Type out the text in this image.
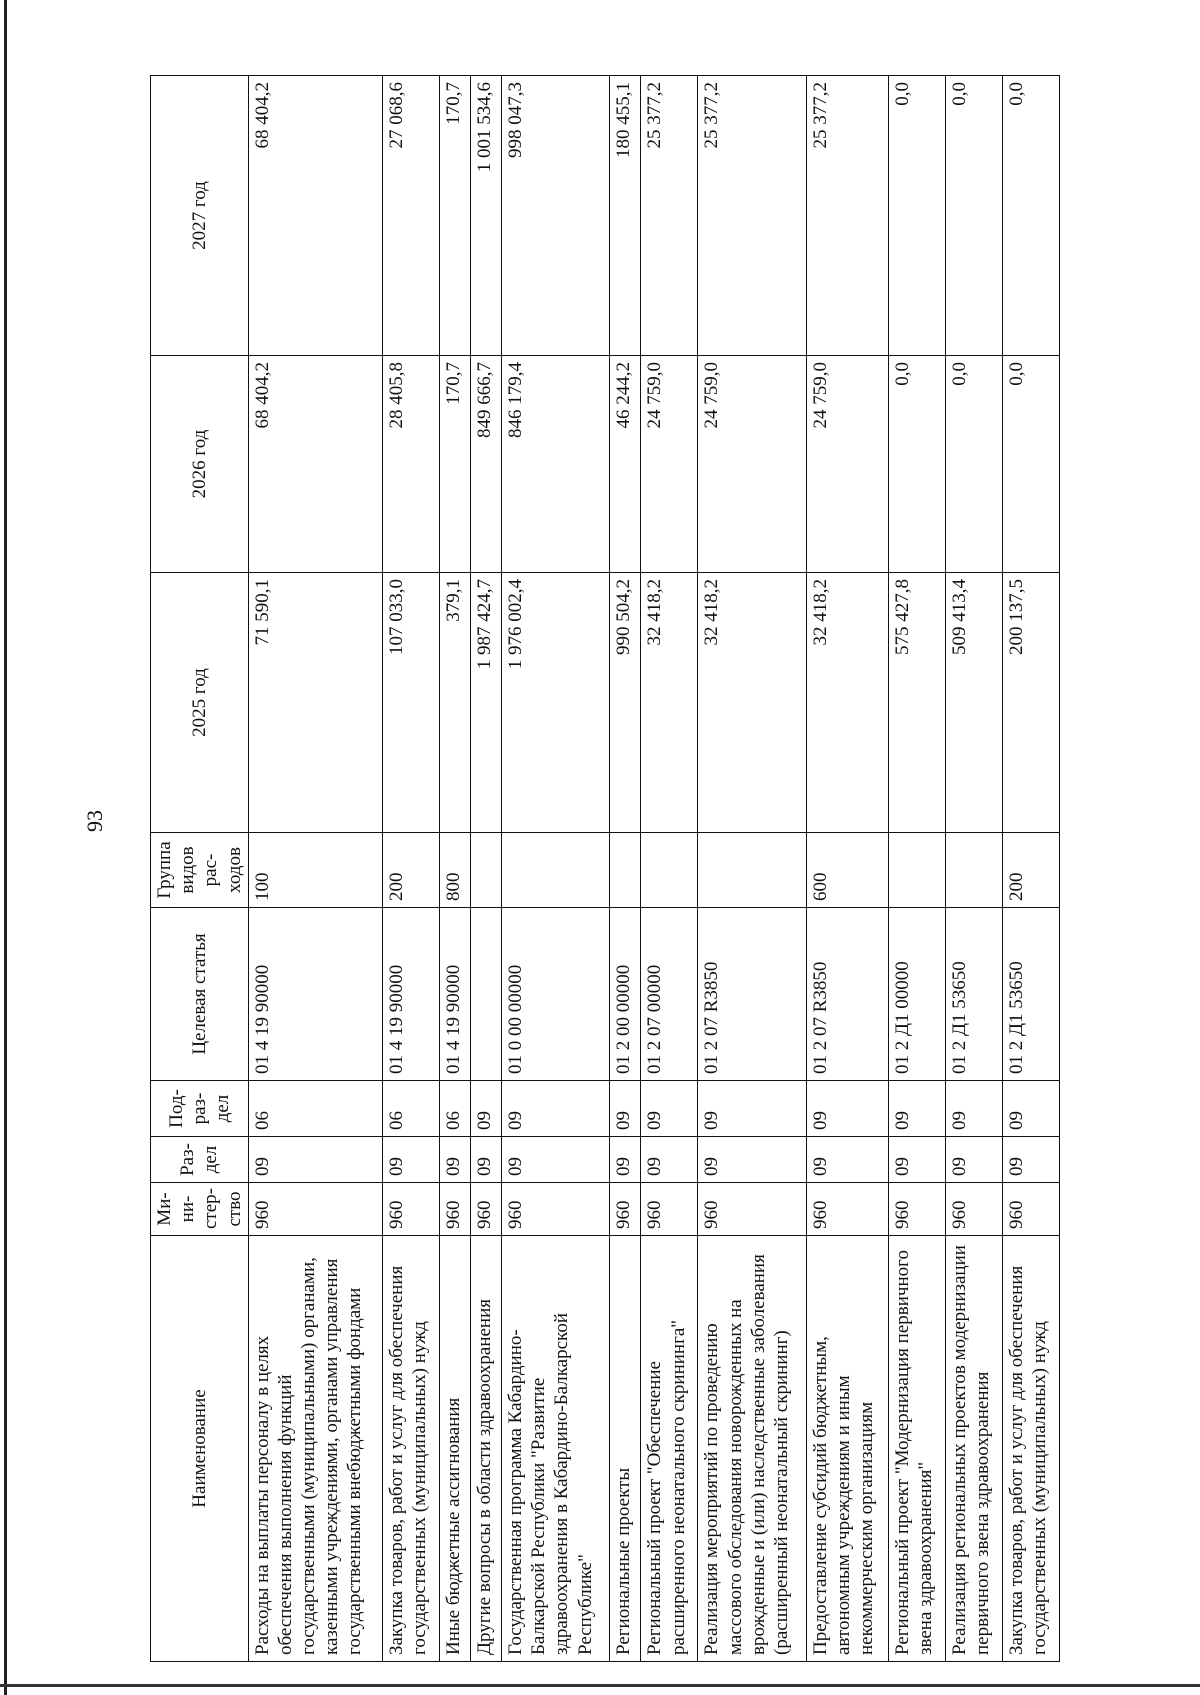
93
Наименование	Ми-
ни-
стер-
ство	Раз-
дел	Под-
раз-
дел	Целевая статья	Группа
видов
рас-
ходов	2025 год	2026 год	2027 год
Расходы на выплаты персоналу в целях обеспечения выполнения функций государственными (муниципальными) органами, казенными учреждениями, органами управления государственными внебюджетными фондами	960	09	06	01 4 19 90000	100	71 590,1	68 404,2	68 404,2
Закупка товаров, работ и услуг для обеспечения государственных (муниципальных) нужд	960	09	06	01 4 19 90000	200	107 033,0	28 405,8	27 068,6
Иные бюджетные ассигнования	960	09	06	01 4 19 90000	800	379,1	170,7	170,7
Другие вопросы в области здравоохранения	960	09	09			1 987 424,7	849 666,7	1 001 534,6
Государственная программа Кабардино-Балкарской Республики "Развитие здравоохранения в Кабардино-Балкарской Республике"	960	09	09	01 0 00 00000		1 976 002,4	846 179,4	998 047,3
Региональные проекты	960	09	09	01 2 00 00000		990 504,2	46 244,2	180 455,1
Региональный проект "Обеспечение расширенного неонатального скрининга"	960	09	09	01 2 07 00000		32 418,2	24 759,0	25 377,2
Реализация мероприятий по проведению массового обследования новорожденных на врожденные и (или) наследственные заболевания (расширенный неонатальный скрининг)	960	09	09	01 2 07 R3850		32 418,2	24 759,0	25 377,2
Предоставление субсидий бюджетным, автономным учреждениям и иным некоммерческим организациям	960	09	09	01 2 07 R3850	600	32 418,2	24 759,0	25 377,2
Региональный проект "Модернизация первичного звена здравоохранения"	960	09	09	01 2 Д1 00000		575 427,8	0,0	0,0
Реализация региональных проектов модернизации первичного звена здравоохранения	960	09	09	01 2 Д1 53650		509 413,4	0,0	0,0
Закупка товаров, работ и услуг для обеспечения государственных (муниципальных) нужд	960	09	09	01 2 Д1 53650	200	200 137,5	0,0	0,0
